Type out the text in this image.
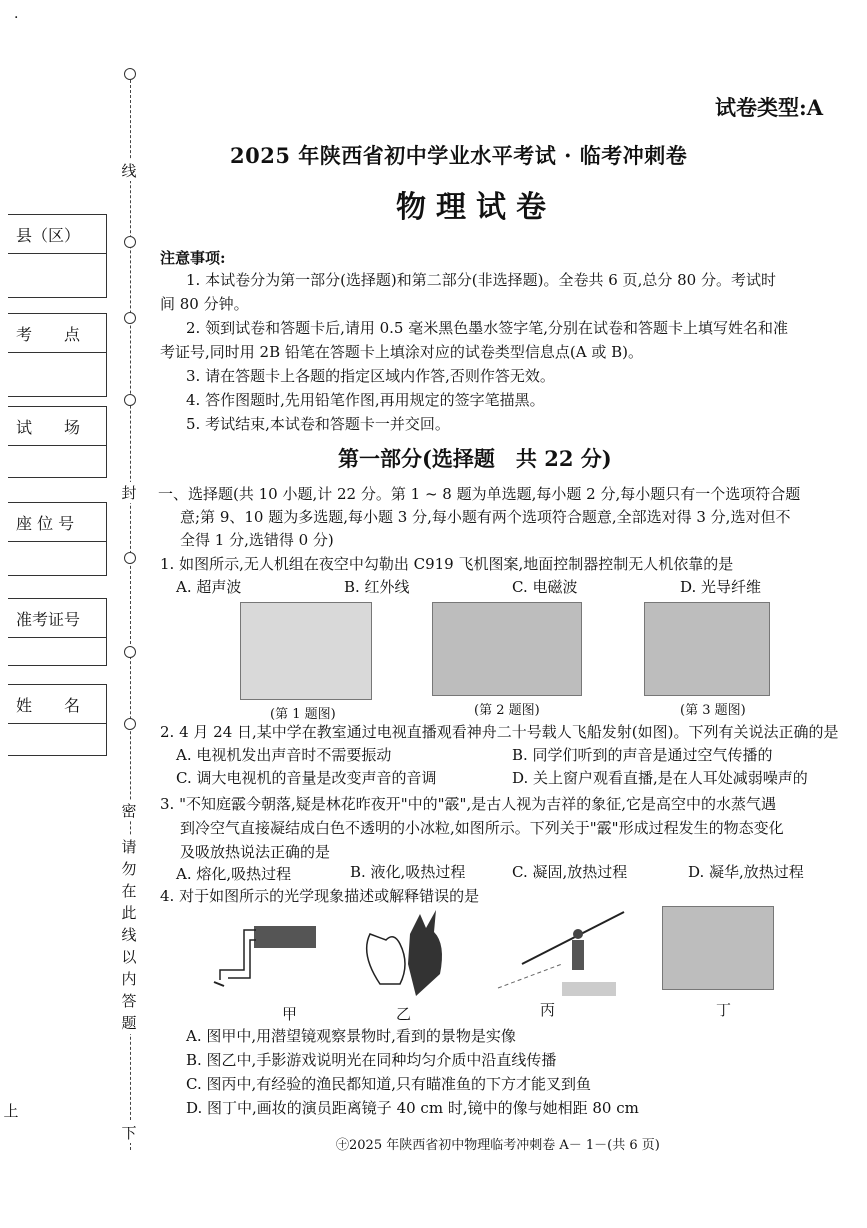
·
县（区）
考　　点
试　　场
座 位 号
准考证号
姓　　名
线
封
密
请勿在此线以内答题
上
下
试卷类型:A
2025 年陕西省初中学业水平考试 · 临考冲刺卷
物理试卷
注意事项:
1. 本试卷分为第一部分(选择题)和第二部分(非选择题)。全卷共 6 页,总分 80 分。考试时
间 80 分钟。
2. 领到试卷和答题卡后,请用 0.5 毫米黑色墨水签字笔,分别在试卷和答题卡上填写姓名和准
考证号,同时用 2B 铅笔在答题卡上填涂对应的试卷类型信息点(A 或 B)。
3. 请在答题卡上各题的指定区域内作答,否则作答无效。
4. 答作图题时,先用铅笔作图,再用规定的签字笔描黑。
5. 考试结束,本试卷和答题卡一并交回。
第一部分(选择题　共 22 分)
一、选择题(共 10 小题,计 22 分。第 1 ~ 8 题为单选题,每小题 2 分,每小题只有一个选项符合题
意;第 9、10 题为多选题,每小题 3 分,每小题有两个选项符合题意,全部选对得 3 分,选对但不
全得 1 分,选错得 0 分)
1. 如图所示,无人机组在夜空中勾勒出 C919 飞机图案,地面控制器控制无人机依靠的是
A. 超声波	B. 红外线	C. 电磁波	D. 光导纤维
(第 1 题图)	(第 2 题图)	(第 3 题图)
2. 4 月 24 日,某中学在教室通过电视直播观看神舟二十号载人飞船发射(如图)。下列有关说法正确的是
A. 电视机发出声音时不需要振动	B. 同学们听到的声音是通过空气传播的
C. 调大电视机的音量是改变声音的音调	D. 关上窗户观看直播,是在人耳处减弱噪声的
3. "不知庭霰今朝落,疑是林花昨夜开"中的"霰",是古人视为吉祥的象征,它是高空中的水蒸气遇
到冷空气直接凝结成白色不透明的小冰粒,如图所示。下列关于"霰"形成过程发生的物态变化
及吸放热说法正确的是
A. 熔化,吸热过程	B. 液化,吸热过程	C. 凝固,放热过程	D. 凝华,放热过程
4. 对于如图所示的光学现象描述或解释错误的是
甲	乙	丙	丁
A. 图甲中,用潜望镜观察景物时,看到的景物是实像
B. 图乙中,手影游戏说明光在同种均匀介质中沿直线传播
C. 图丙中,有经验的渔民都知道,只有瞄准鱼的下方才能叉到鱼
D. 图丁中,画妆的演员距离镜子 40 cm 时,镜中的像与她相距 80 cm
㊉2025 年陕西省初中物理临考冲刺卷 A－ 1－(共 6 页)
